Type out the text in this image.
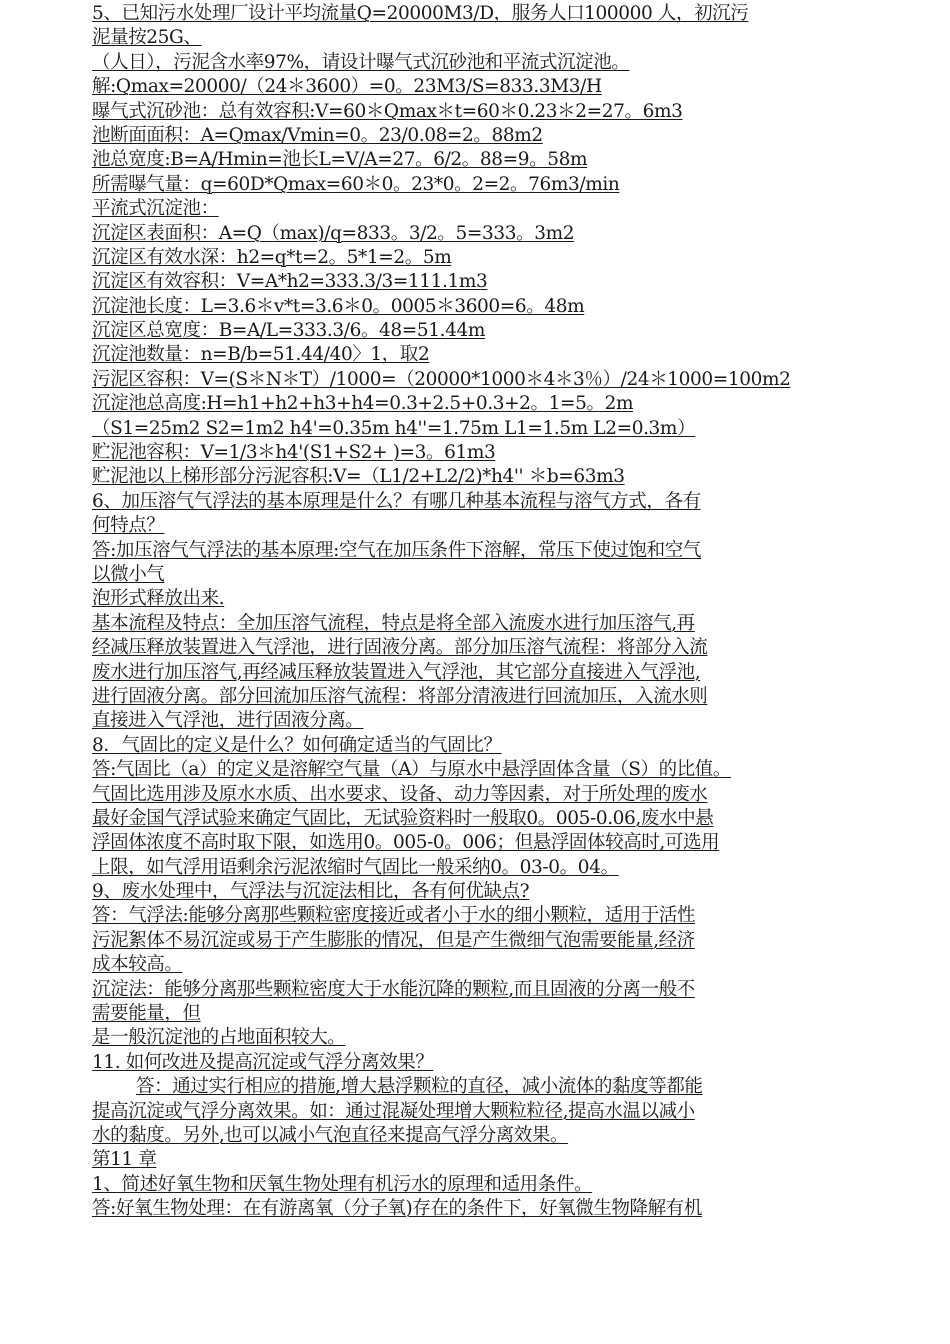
5、已知污水处理厂设计平均流量Q=20000M3/D，服务人口100000 人，初沉污
泥量按25G、
（人日），污泥含水率97%，请设计曝气式沉砂池和平流式沉淀池。
解:Qmax=20000/（24＊3600）=0。23M3/S=833.3M3/H
曝气式沉砂池：总有效容积:V=60＊Qmax＊t=60＊0.23＊2=27。6m3
池断面面积：A=Qmax/Vmin=0。23/0.08=2。88m2
池总宽度:B=A/Hmin=池长L=V/A=27。6/2。88=9。58m
所需曝气量：q=60D*Qmax=60＊0。23*0。2=2。76m3/min
平流式沉淀池：
沉淀区表面积：A=Q（max)/q=833。3/2。5=333。3m2
沉淀区有效水深：h2=q*t=2。5*1=2。5m
沉淀区有效容积：V=A*h2=333.3/3=111.1m3
沉淀池长度：L=3.6＊v*t=3.6＊0。0005＊3600=6。48m
沉淀区总宽度：B=A/L=333.3/6。48=51.44m
沉淀池数量：n=B/b=51.44/40〉1，取2
污泥区容积：V=(S＊N＊T）/1000=（20000*1000＊4＊3％）/24＊1000=100m2
沉淀池总高度:H=h1+h2+h3+h4=0.3+2.5+0.3+2。1=5。2m
（S1=25m2 S2=1m2 h4'=0.35m h4''=1.75m L1=1.5m L2=0.3m）
贮泥池容积：V=1/3＊h4'(S1+S2+ )=3。61m3
贮泥池以上梯形部分污泥容积:V=（L1/2+L2/2)*h4'' ＊b=63m3
6、加压溶气气浮法的基本原理是什么？有哪几种基本流程与溶气方式，各有
何特点？
答:加压溶气气浮法的基本原理:空气在加压条件下溶解，常压下使过饱和空气
以微小气
泡形式释放出来.
基本流程及特点：全加压溶气流程，特点是将全部入流废水进行加压溶气,再
经减压释放装置进入气浮池，进行固液分离。部分加压溶气流程：将部分入流
废水进行加压溶气,再经减压释放装置进入气浮池，其它部分直接进入气浮池,
进行固液分离。部分回流加压溶气流程：将部分清液进行回流加压，入流水则
直接进入气浮池，进行固液分离。
8．气固比的定义是什么？如何确定适当的气固比？
答:气固比（a）的定义是溶解空气量（A）与原水中悬浮固体含量（S）的比值。
气固比选用涉及原水水质、出水要求、设备、动力等因素，对于所处理的废水
最好金国气浮试验来确定气固比，无试验资料时一般取0。005-0.06,废水中悬
浮固体浓度不高时取下限，如选用0。005-0。006；但悬浮固体较高时,可选用
上限，如气浮用语剩余污泥浓缩时气固比一般采纳0。03-0。04。
9、废水处理中，气浮法与沉淀法相比，各有何优缺点?
答：气浮法:能够分离那些颗粒密度接近或者小于水的细小颗粒，适用于活性
污泥絮体不易沉淀或易于产生膨胀的情况，但是产生微细气泡需要能量,经济
成本较高。
沉淀法：能够分离那些颗粒密度大于水能沉降的颗粒,而且固液的分离一般不
需要能量，但
是一般沉淀池的占地面积较大。
11. 如何改进及提高沉淀或气浮分离效果？
答：通过实行相应的措施,增大悬浮颗粒的直径，减小流体的黏度等都能
提高沉淀或气浮分离效果。如：通过混凝处理增大颗粒粒径,提高水温以减小
水的黏度。另外,也可以减小气泡直径来提高气浮分离效果。
第11 章
1、简述好氧生物和厌氧生物处理有机污水的原理和适用条件。
答:好氧生物处理：在有游离氧（分子氧)存在的条件下，好氧微生物降解有机
